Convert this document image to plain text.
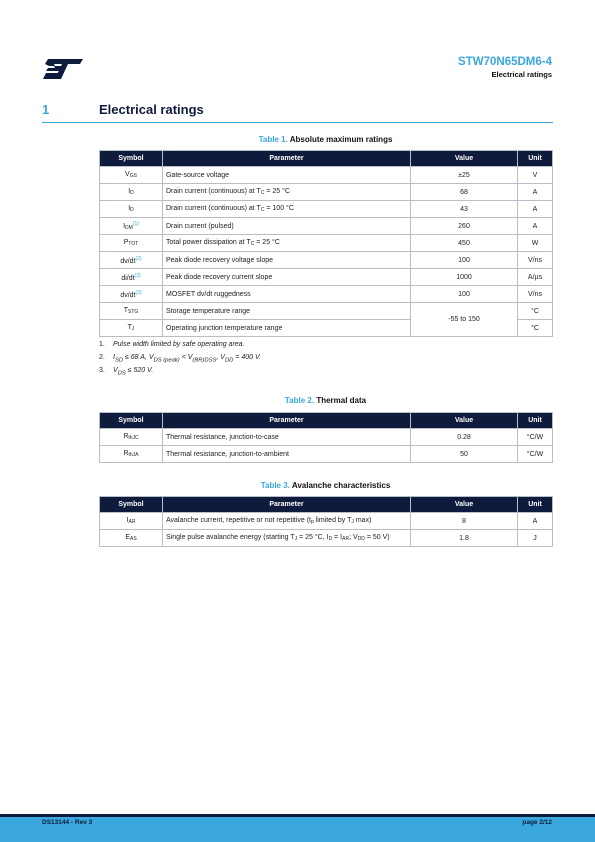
STW70N65DM6-4
Electrical ratings
1	Electrical ratings
Table 1. Absolute maximum ratings
Symbol	Parameter	Value	Unit
$V_{GS}$	Gate-source voltage	±25	V
$I_D$	Drain current (continuous) at $T_C = 25$ °C	68	A
$I_D$	Drain current (continuous) at $T_C = 100$ °C	43	A
$I_{DM}^{(1)}$	Drain current (pulsed)	260	A
$P_{TOT}$	Total power dissipation at $T_C = 25$ °C	450	W
$dv/dt^{(2)}$	Peak diode recovery voltage slope	100	V/ns
$di/dt^{(2)}$	Peak diode recovery current slope	1000	A/µs
$dv/dt^{(3)}$	MOSFET dv/dt ruggedness	100	V/ns
$T_{STG}$	Storage temperature range	-55 to 150	°C
$T_J$	Operating junction temperature range		°C
1. Pulse width limited by safe operating area.
2. $I_{SD} \le 68$ A, $V_{DS (peak)} < V_{(BR)DSS}$, $V_{DD} = 400$ V.
3. $V_{DS} \le 520$ V.
Table 2. Thermal data
Symbol	Parameter	Value	Unit
$R_{thJC}$	Thermal resistance, junction-to-case	0.28	°C/W
$R_{thJA}$	Thermal resistance, junction-to-ambient	50	°C/W
Table 3. Avalanche characteristics
Symbol	Parameter	Value	Unit
$I_{AR}$	Avalanche current, repetitive or not repetitive ($t_p$ limited by $T_J$ max)	8	A
$E_{AS}$	Single pulse avalanche energy (starting $T_J = 25$ °C, $I_D = I_{AR}$; $V_{DD} = 50$ V)	1.8	J
DS13144 - Rev 3	page 2/12
